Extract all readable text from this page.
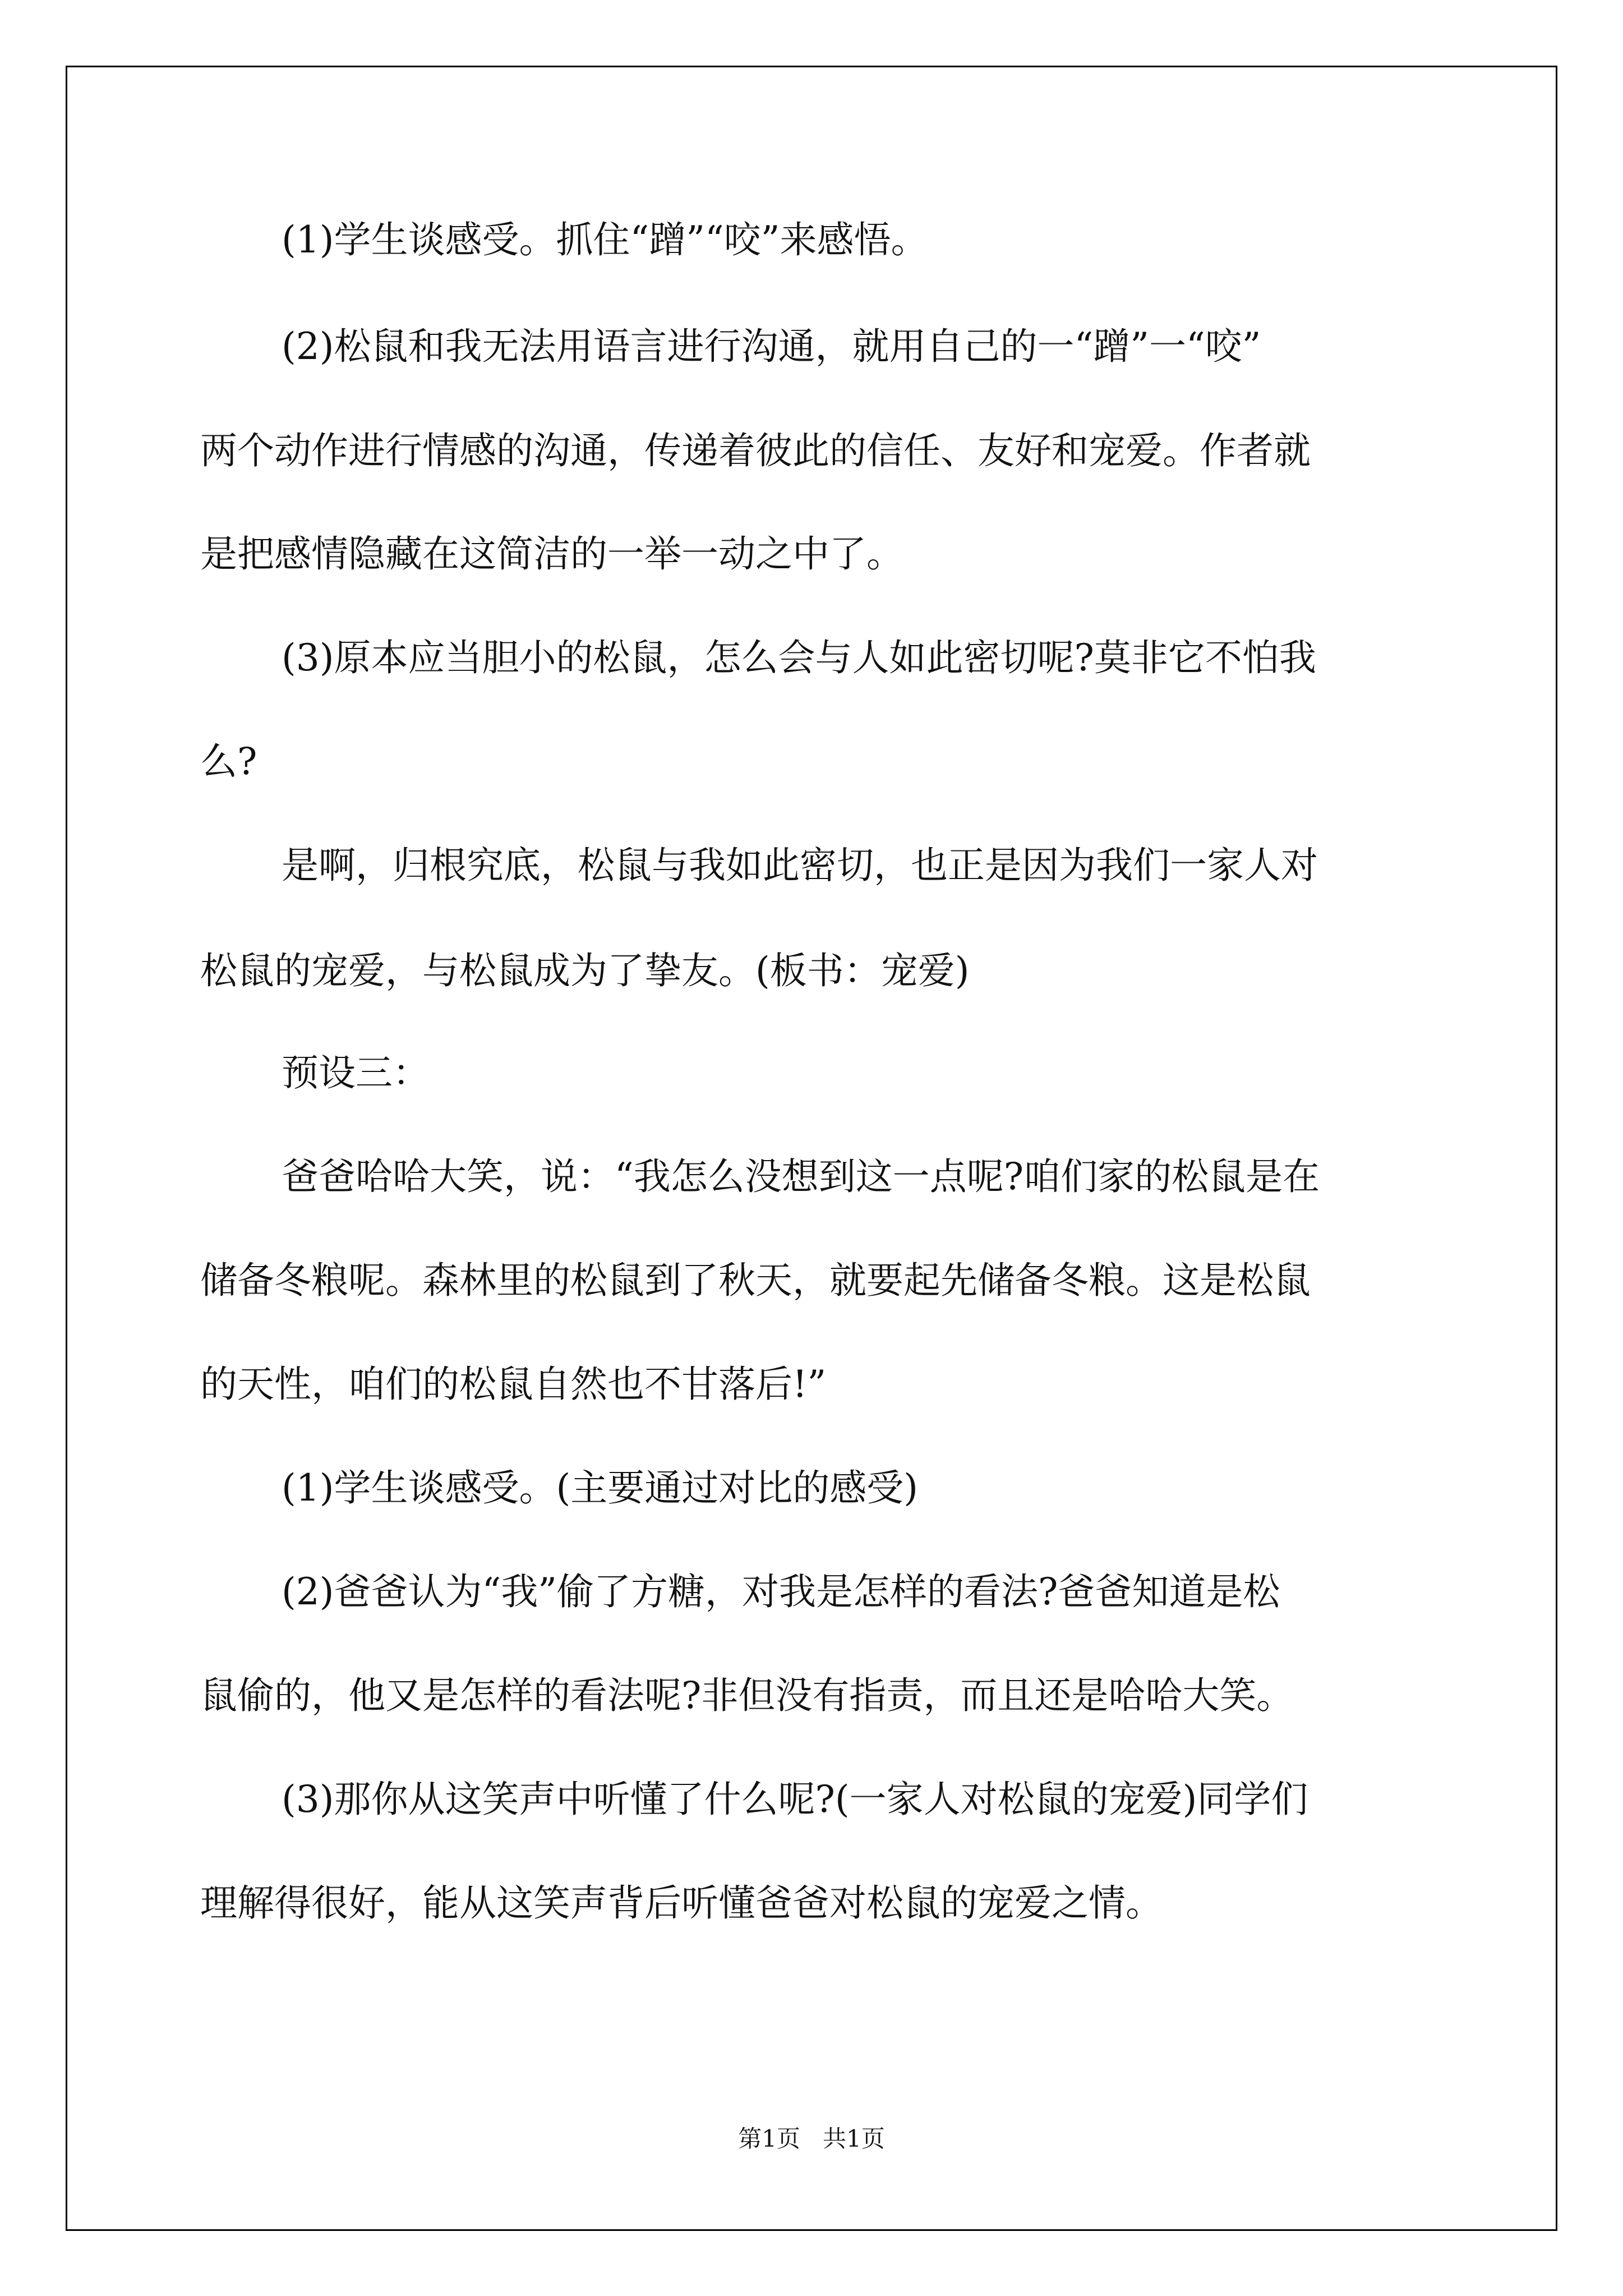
(1)学生谈感受。抓住“蹭”“咬”来感悟。
(2)松鼠和我无法用语言进行沟通，就用自己的一“蹭”一“咬”
两个动作进行情感的沟通，传递着彼此的信任、友好和宠爱。作者就
是把感情隐藏在这简洁的一举一动之中了。
(3)原本应当胆小的松鼠，怎么会与人如此密切呢?莫非它不怕我
么?
是啊，归根究底，松鼠与我如此密切，也正是因为我们一家人对
松鼠的宠爱，与松鼠成为了挚友。(板书：宠爱)
预设三：
爸爸哈哈大笑，说：“我怎么没想到这一点呢?咱们家的松鼠是在
储备冬粮呢。森林里的松鼠到了秋天，就要起先储备冬粮。这是松鼠
的天性，咱们的松鼠自然也不甘落后!”
(1)学生谈感受。(主要通过对比的感受)
(2)爸爸认为“我”偷了方糖，对我是怎样的看法?爸爸知道是松
鼠偷的，他又是怎样的看法呢?非但没有指责，而且还是哈哈大笑。
(3)那你从这笑声中听懂了什么呢?(一家人对松鼠的宠爱)同学们
理解得很好，能从这笑声背后听懂爸爸对松鼠的宠爱之情。
第1页   共1页
